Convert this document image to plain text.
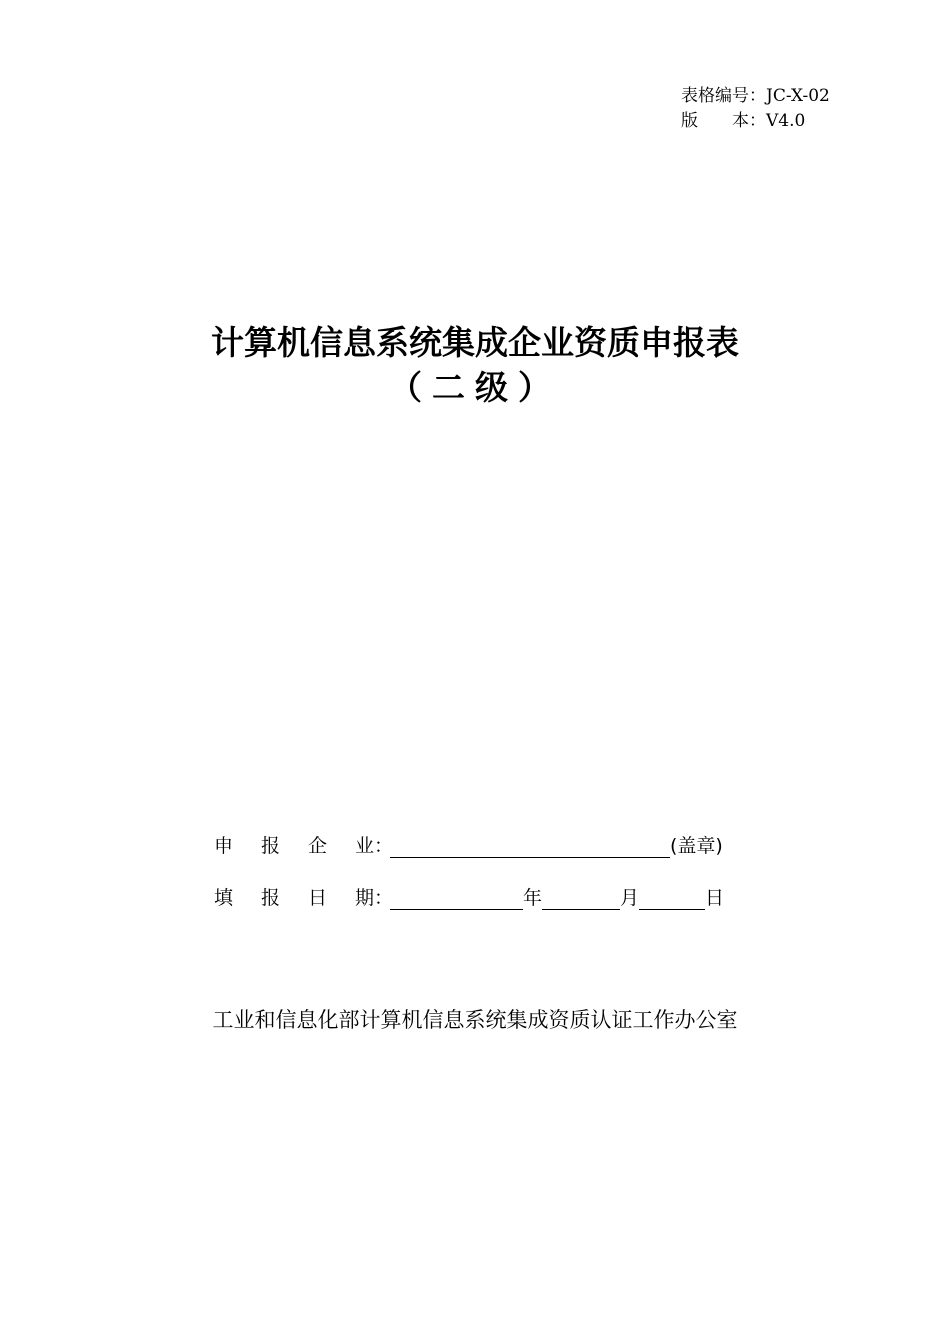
表格编号： JC-X-02
版　　本： V4.0
计算机信息系统集成企业资质申报表
（二级）
申报企业 ：	(盖章)
填报日期 ：	年	月	日
工业和信息化部计算机信息系统集成资质认证工作办公室
